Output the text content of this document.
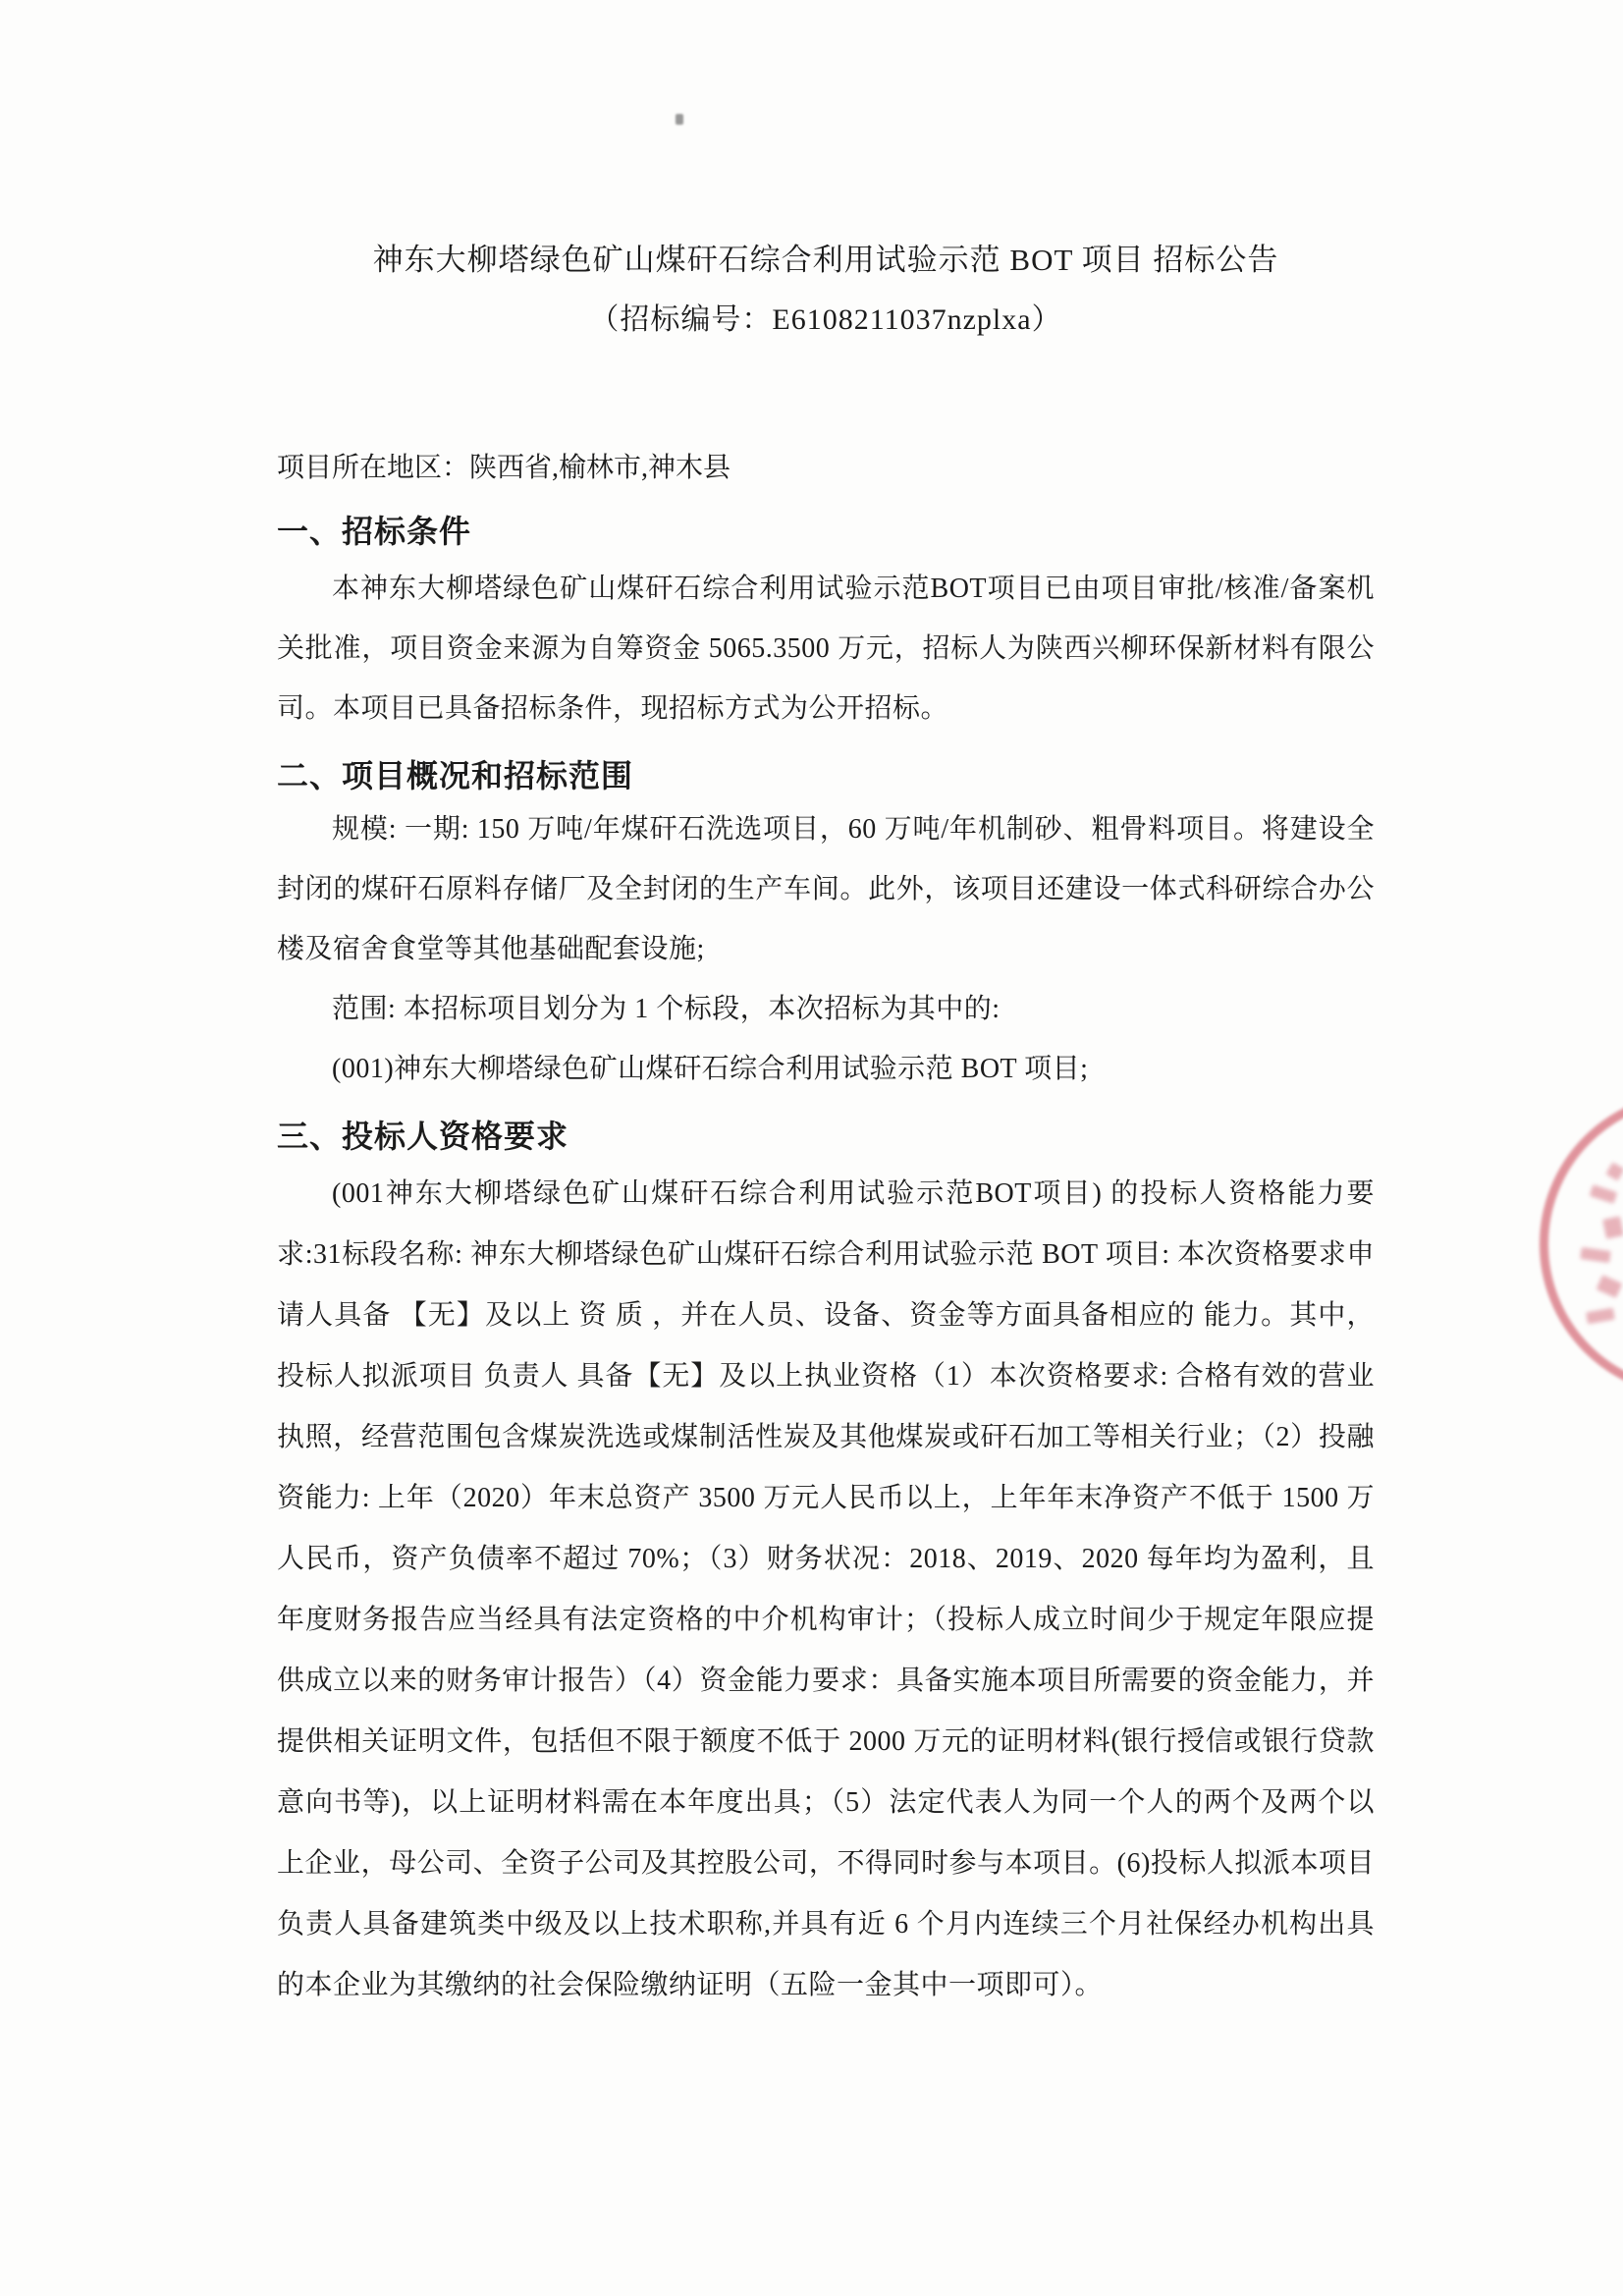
神东大柳塔绿色矿山煤矸石综合利用试验示范 BOT 项目 招标公告
（招标编号：E6108211037nzplxa）
项目所在地区：陕西省,榆林市,神木县
一、招标条件

本神东大柳塔绿色矿山煤矸石综合利用试验示范BOT项目已由项目审批/核准/备案机关批准，项目资金来源为自筹资金 5065.3500 万元，招标人为陕西兴柳环保新材料有限公司。本项目已具备招标条件，现招标方式为公开招标。

二、项目概况和招标范围

规模: 一期: 150 万吨/年煤矸石洗选项目，60 万吨/年机制砂、粗骨料项目。将建设全封闭的煤矸石原料存储厂及全封闭的生产车间。此外，该项目还建设一体式科研综合办公楼及宿舍食堂等其他基础配套设施;

范围: 本招标项目划分为 1 个标段，本次招标为其中的:

(001)神东大柳塔绿色矿山煤矸石综合利用试验示范 BOT 项目;

三、投标人资格要求

(001神东大柳塔绿色矿山煤矸石综合利用试验示范BOT项目) 的投标人资格能力要求:31标段名称: 神东大柳塔绿色矿山煤矸石综合利用试验示范 BOT 项目: 本次资格要求申请人具备 【无】及以上 资 质 ，并在人员、设备、资金等方面具备相应的 能力。其中，投标人拟派项目 负责人 具备【无】及以上执业资格（1）本次资格要求: 合格有效的营业执照，经营范围包含煤炭洗选或煤制活性炭及其他煤炭或矸石加工等相关行业；（2）投融资能力: 上年（2020）年末总资产 3500 万元人民币以上，上年年末净资产不低于 1500 万人民币，资产负债率不超过 70%；（3）财务状况：2018、2019、2020 每年均为盈利，且年度财务报告应当经具有法定资格的中介机构审计；（投标人成立时间少于规定年限应提供成立以来的财务审计报告）（4）资金能力要求：具备实施本项目所需要的资金能力，并提供相关证明文件，包括但不限于额度不低于 2000 万元的证明材料(银行授信或银行贷款意向书等)，以上证明材料需在本年度出具；（5）法定代表人为同一个人的两个及两个以上企业，母公司、全资子公司及其控股公司，不得同时参与本项目。(6)投标人拟派本项目负责人具备建筑类中级及以上技术职称,并具有近 6 个月内连续三个月社保经办机构出具的本企业为其缴纳的社会保险缴纳证明（五险一金其中一项即可）。
